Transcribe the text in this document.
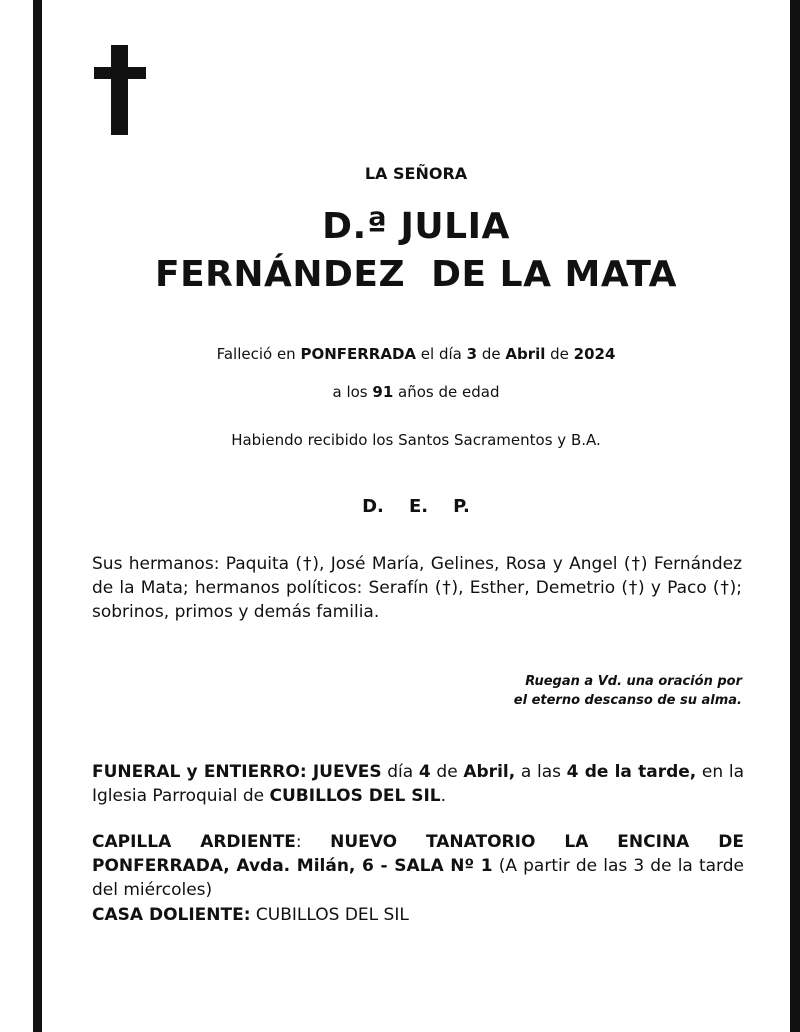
LA SEÑORA
D.ª JULIA
FERNÁNDEZ  DE LA MATA
Falleció en PONFERRADA el día 3 de Abril de 2024
a los 91 años de edad
Habiendo recibido los Santos Sacramentos y B.A.
D.    E.    P.
Sus hermanos: Paquita (†), José María, Gelines, Rosa y Angel (†) Fernández de la Mata; hermanos políticos: Serafín (†), Esther, Demetrio (†) y Paco (†); sobrinos, primos y demás familia.
Ruegan a Vd. una oración por
el eterno descanso de su alma.
FUNERAL y ENTIERRO: JUEVES día 4 de Abril, a las 4 de la tarde, en la Iglesia Parroquial de CUBILLOS DEL SIL.
CAPILLA ARDIENTE: NUEVO TANATORIO LA ENCINA DE PONFERRADA, Avda. Milán, 6 - SALA Nº 1 (A partir de las 3 de la tarde del miércoles)
CASA DOLIENTE: CUBILLOS DEL SIL
